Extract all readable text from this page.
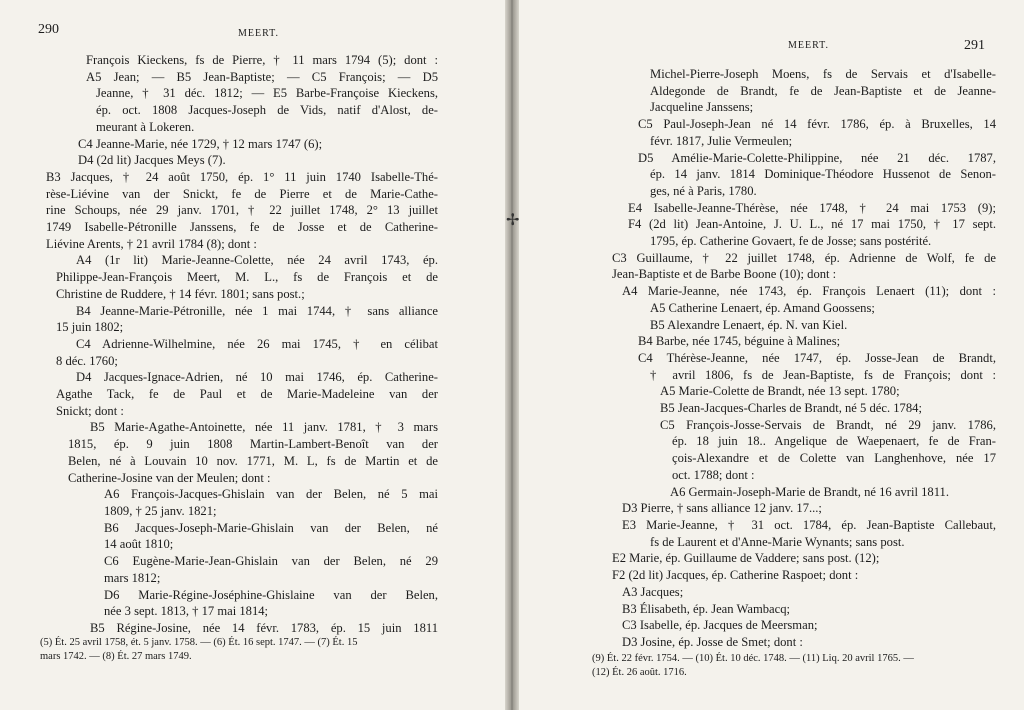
290	MEERT.
François Kieckens, fs de Pierre, † 11 mars 1794 (5); dont :
A5 Jean; — B5 Jean-Baptiste; — C5 François; — D5
Jeanne, † 31 déc. 1812; — E5 Barbe-Françoise Kieckens,
ép. oct. 1808 Jacques-Joseph de Vids, natif d'Alost, de-
meurant à Lokeren.
C4 Jeanne-Marie, née 1729, † 12 mars 1747 (6);
D4 (2d lit) Jacques Meys (7).
B3 Jacques, † 24 août 1750, ép. 1° 11 juin 1740 Isabelle-Thé-
rèse-Liévine van der Snickt, fe de Pierre et de Marie-Cathe-
rine Schoups, née 29 janv. 1701, † 22 juillet 1748, 2° 13 juillet
1749 Isabelle-Pétronille Janssens, fe de Josse et de Catherine-
Liévine Arents, † 21 avril 1784 (8); dont :
A4 (1r lit) Marie-Jeanne-Colette, née 24 avril 1743, ép.
Philippe-Jean-François Meert, M. L., fs de François et de
Christine de Ruddere, † 14 févr. 1801; sans post.;
B4 Jeanne-Marie-Pétronille, née 1 mai 1744, † sans alliance
15 juin 1802;
C4 Adrienne-Wilhelmine, née 26 mai 1745, † en célibat
8 déc. 1760;
D4 Jacques-Ignace-Adrien, né 10 mai 1746, ép. Catherine-
Agathe Tack, fe de Paul et de Marie-Madeleine van der
Snickt; dont :
B5 Marie-Agathe-Antoinette, née 11 janv. 1781, † 3 mars
1815, ép. 9 juin 1808 Martin-Lambert-Benoît van der
Belen, né à Louvain 10 nov. 1771, M. L, fs de Martin et de
Catherine-Josine van der Meulen; dont :
A6 François-Jacques-Ghislain van der Belen, né 5 mai
1809, † 25 janv. 1821;
B6 Jacques-Joseph-Marie-Ghislain van der Belen, né
14 août 1810;
C6 Eugène-Marie-Jean-Ghislain van der Belen, né 29
mars 1812;
D6 Marie-Régine-Joséphine-Ghislaine van der Belen,
née 3 sept. 1813, † 17 mai 1814;
B5 Régine-Josine, née 14 févr. 1783, ép. 15 juin 1811
(5) Ét. 25 avril 1758, ét. 5 janv. 1758. — (6) Ét. 16 sept. 1747. — (7) Ét. 15
mars 1742. — (8) Ét. 27 mars 1749.
✢
MEERT.	291
Michel-Pierre-Joseph Moens, fs de Servais et d'Isabelle-
Aldegonde de Brandt, fe de Jean-Baptiste et de Jeanne-
Jacqueline Janssens;
C5 Paul-Joseph-Jean né 14 févr. 1786, ép. à Bruxelles, 14
févr. 1817, Julie Vermeulen;
D5 Amélie-Marie-Colette-Philippine, née 21 déc. 1787,
ép. 14 janv. 1814 Dominique-Théodore Hussenot de Senon-
ges, né à Paris, 1780.
E4 Isabelle-Jeanne-Thérèse, née 1748, † 24 mai 1753 (9);
F4 (2d lit) Jean-Antoine, J. U. L., né 17 mai 1750, † 17 sept.
1795, ép. Catherine Govaert, fe de Josse; sans postérité.
C3 Guillaume, † 22 juillet 1748, ép. Adrienne de Wolf, fe de
Jean-Baptiste et de Barbe Boone (10); dont :
A4 Marie-Jeanne, née 1743, ép. François Lenaert (11); dont :
A5 Catherine Lenaert, ép. Amand Goossens;
B5 Alexandre Lenaert, ép. N. van Kiel.
B4 Barbe, née 1745, béguine à Malines;
C4 Thérèse-Jeanne, née 1747, ép. Josse-Jean de Brandt,
† avril 1806, fs de Jean-Baptiste, fs de François; dont :
A5 Marie-Colette de Brandt, née 13 sept. 1780;
B5 Jean-Jacques-Charles de Brandt, né 5 déc. 1784;
C5 François-Josse-Servais de Brandt, né 29 janv. 1786,
ép. 18 juin 18.. Angelique de Waepenaert, fe de Fran-
çois-Alexandre et de Colette van Langhenhove, née 17
oct. 1788; dont :
A6 Germain-Joseph-Marie de Brandt, né 16 avril 1811.
D3 Pierre, † sans alliance 12 janv. 17...;
E3 Marie-Jeanne, † 31 oct. 1784, ép. Jean-Baptiste Callebaut,
fs de Laurent et d'Anne-Marie Wynants; sans post.
E2 Marie, ép. Guillaume de Vaddere; sans post. (12);
F2 (2d lit) Jacques, ép. Catherine Raspoet; dont :
A3 Jacques;
B3 Élisabeth, ép. Jean Wambacq;
C3 Isabelle, ép. Jacques de Meersman;
D3 Josine, ép. Josse de Smet; dont :
(9) Ét. 22 févr. 1754. — (10) Ét. 10 déc. 1748. — (11) Liq. 20 avril 1765. —
(12) Ét. 26 août. 1716.
